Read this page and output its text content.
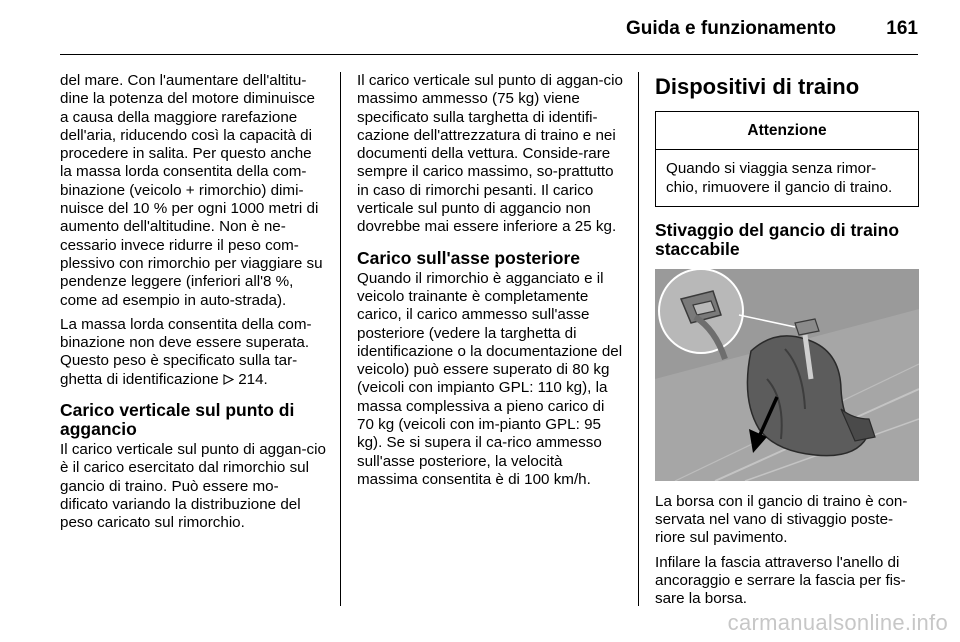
Guida e funzionamento	161

del mare. Con l'aumentare dell'altitu-dine la potenza del motore diminuisce a causa della maggiore rarefazione dell'aria, riducendo così la capacità di procedere in salita. Per questo anche la massa lorda consentita della com-binazione (veicolo + rimorchio) dimi-nuisce del 10 % per ogni 1000 metri di aumento dell'altitudine. Non è ne-cessario invece ridurre il peso com-plessivo con rimorchio per viaggiare su pendenze leggere (inferiori all'8 %, come ad esempio in auto-strada).

La massa lorda consentita della com-binazione non deve essere superata. Questo peso è specificato sulla tar-ghetta di identificazione 214.

Carico verticale sul punto di aggancio

Il carico verticale sul punto di aggan-cio è il carico esercitato dal rimorchio sul gancio di traino. Può essere mo-dificato variando la distribuzione del peso caricato sul rimorchio.

Il carico verticale sul punto di aggan-cio massimo ammesso (75 kg) viene specificato sulla targhetta di identifi-cazione dell'attrezzatura di traino e nei documenti della vettura. Conside-rare sempre il carico massimo, so-prattutto in caso di rimorchi pesanti. Il carico verticale sul punto di aggancio non dovrebbe mai essere inferiore a 25 kg.

Carico sull'asse posteriore

Quando il rimorchio è agganciato e il veicolo trainante è completamente carico, il carico ammesso sull'asse posteriore (vedere la targhetta di identificazione o la documentazione del veicolo) può essere superato di 80 kg (veicoli con impianto GPL: 110 kg), la massa complessiva a pieno carico di 70 kg (veicoli con im-pianto GPL: 95 kg). Se si supera il ca-rico ammesso sull'asse posteriore, la velocità massima consentita è di 100 km/h.

Dispositivi di traino
Attenzione
Quando si viaggia senza rimor-chio, rimuovere il gancio di traino.
Stivaggio del gancio di traino staccabile

La borsa con il gancio di traino è con-servata nel vano di stivaggio poste-riore sul pavimento.

Infilare la fascia attraverso l'anello di ancoraggio e serrare la fascia per fis-sare la borsa.

carmanualsonline.info
